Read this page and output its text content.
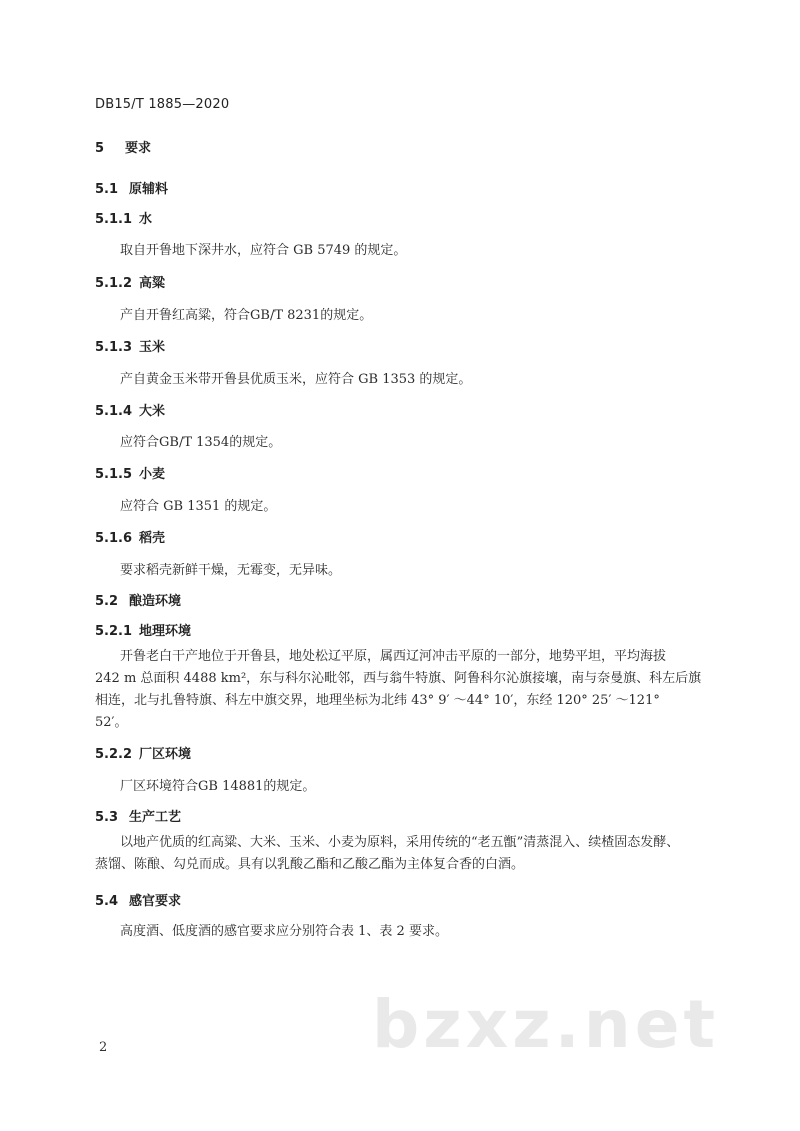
DB15/T 1885—2020
5 要求
5.1 原辅料
5.1.1 水
取自开鲁地下深井水，应符合 GB 5749 的规定。
5.1.2 高粱
产自开鲁红高粱，符合GB/T 8231的规定。
5.1.3 玉米
产自黄金玉米带开鲁县优质玉米，应符合 GB 1353 的规定。
5.1.4 大米
应符合GB/T 1354的规定。
5.1.5 小麦
应符合 GB 1351 的规定。
5.1.6 稻壳
要求稻壳新鲜干燥，无霉变，无异味。
5.2 酿造环境
5.2.1 地理环境
开鲁老白干产地位于开鲁县，地处松辽平原，属西辽河冲击平原的一部分，地势平坦，平均海拔
242 m 总面积 4488 km²，东与科尔沁毗邻，西与翁牛特旗、阿鲁科尔沁旗接壤，南与奈曼旗、科左后旗
相连，北与扎鲁特旗、科左中旗交界，地理坐标为北纬 43° 9′ ～44° 10′，东经 120° 25′ ～121°
52′。
5.2.2 厂区环境
厂区环境符合GB 14881的规定。
5.3 生产工艺
以地产优质的红高粱、大米、玉米、小麦为原料，采用传统的“老五甑”清蒸混入、续楂固态发酵、
蒸馏、陈酿、勾兑而成。具有以乳酸乙酯和乙酸乙酯为主体复合香的白酒。
5.4 感官要求
高度酒、低度酒的感官要求应分别符合表 1、表 2 要求。
2	bzxz.net
